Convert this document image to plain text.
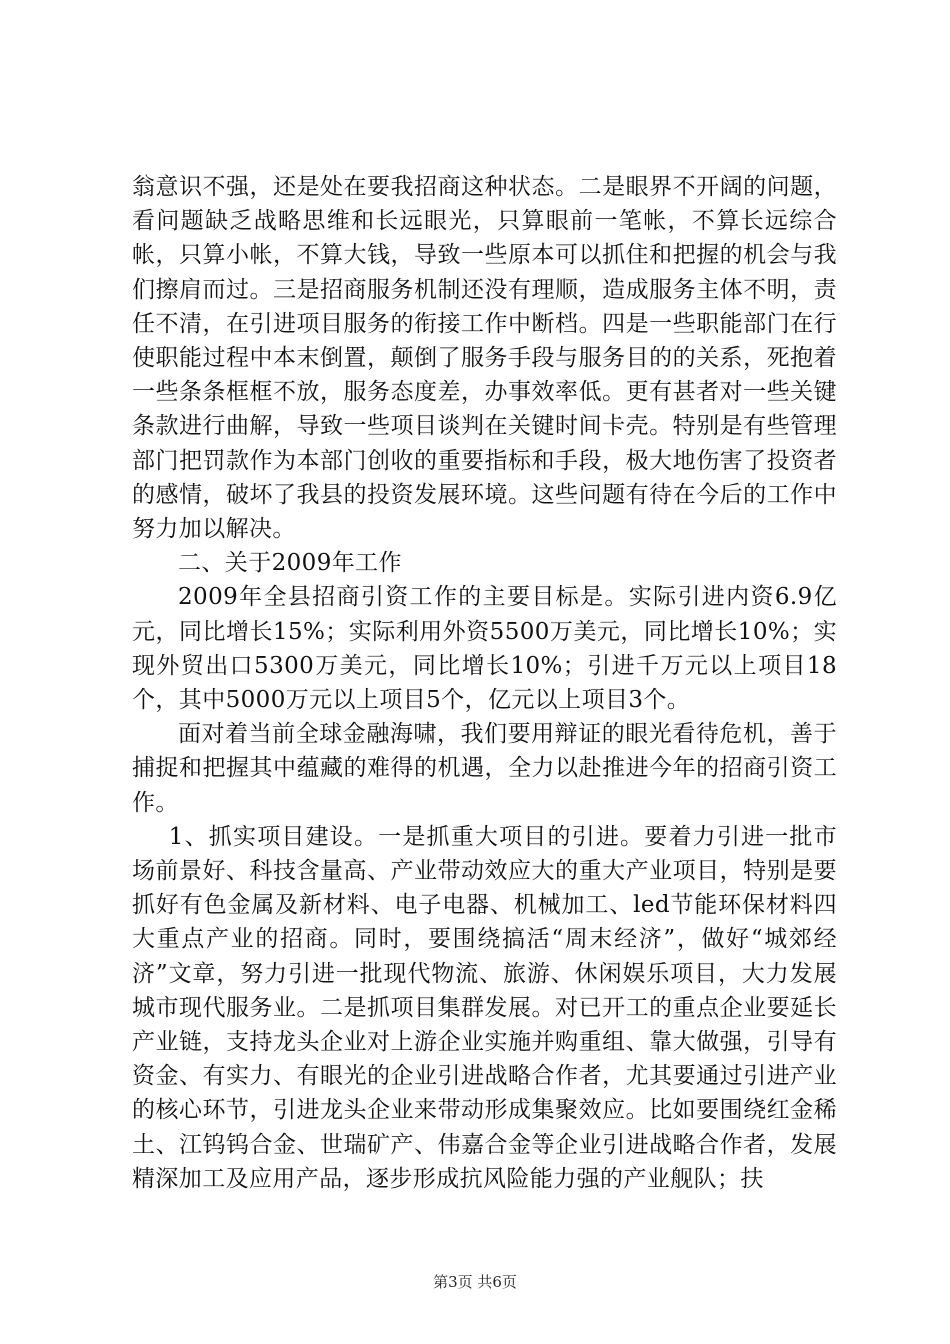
翁意识不强，还是处在要我招商这种状态。二是眼界不开阔的问题，看问题缺乏战略思维和长远眼光，只算眼前一笔帐，不算长远综合帐，只算小帐，不算大钱，导致一些原本可以抓住和把握的机会与我们擦肩而过。三是招商服务机制还没有理顺，造成服务主体不明，责任不清，在引进项目服务的衔接工作中断档。四是一些职能部门在行使职能过程中本末倒置，颠倒了服务手段与服务目的的关系，死抱着一些条条框框不放，服务态度差，办事效率低。更有甚者对一些关键条款进行曲解，导致一些项目谈判在关键时间卡壳。特别是有些管理部门把罚款作为本部门创收的重要指标和手段，极大地伤害了投资者的感情，破坏了我县的投资发展环境。这些问题有待在今后的工作中努力加以解决。

二、关于2009年工作

2009年全县招商引资工作的主要目标是。实际引进内资6.9亿元，同比增长15%；实际利用外资5500万美元，同比增长10%；实现外贸出口5300万美元，同比增长10%；引进千万元以上项目18个，其中5000万元以上项目5个，亿元以上项目3个。

面对着当前全球金融海啸，我们要用辩证的眼光看待危机，善于捕捉和把握其中蕴藏的难得的机遇，全力以赴推进今年的招商引资工作。

1、抓实项目建设。一是抓重大项目的引进。要着力引进一批市场前景好、科技含量高、产业带动效应大的重大产业项目，特别是要抓好有色金属及新材料、电子电器、机械加工、led节能环保材料四大重点产业的招商。同时，要围绕搞活“周末经济”，做好“城郊经济”文章，努力引进一批现代物流、旅游、休闲娱乐项目，大力发展城市现代服务业。二是抓项目集群发展。对已开工的重点企业要延长产业链，支持龙头企业对上游企业实施并购重组、靠大做强，引导有资金、有实力、有眼光的企业引进战略合作者，尤其要通过引进产业的核心环节，引进龙头企业来带动形成集聚效应。比如要围绕红金稀土、江钨钨合金、世瑞矿产、伟嘉合金等企业引进战略合作者，发展精深加工及应用产品，逐步形成抗风险能力强的产业舰队；扶

第3页 共6页
